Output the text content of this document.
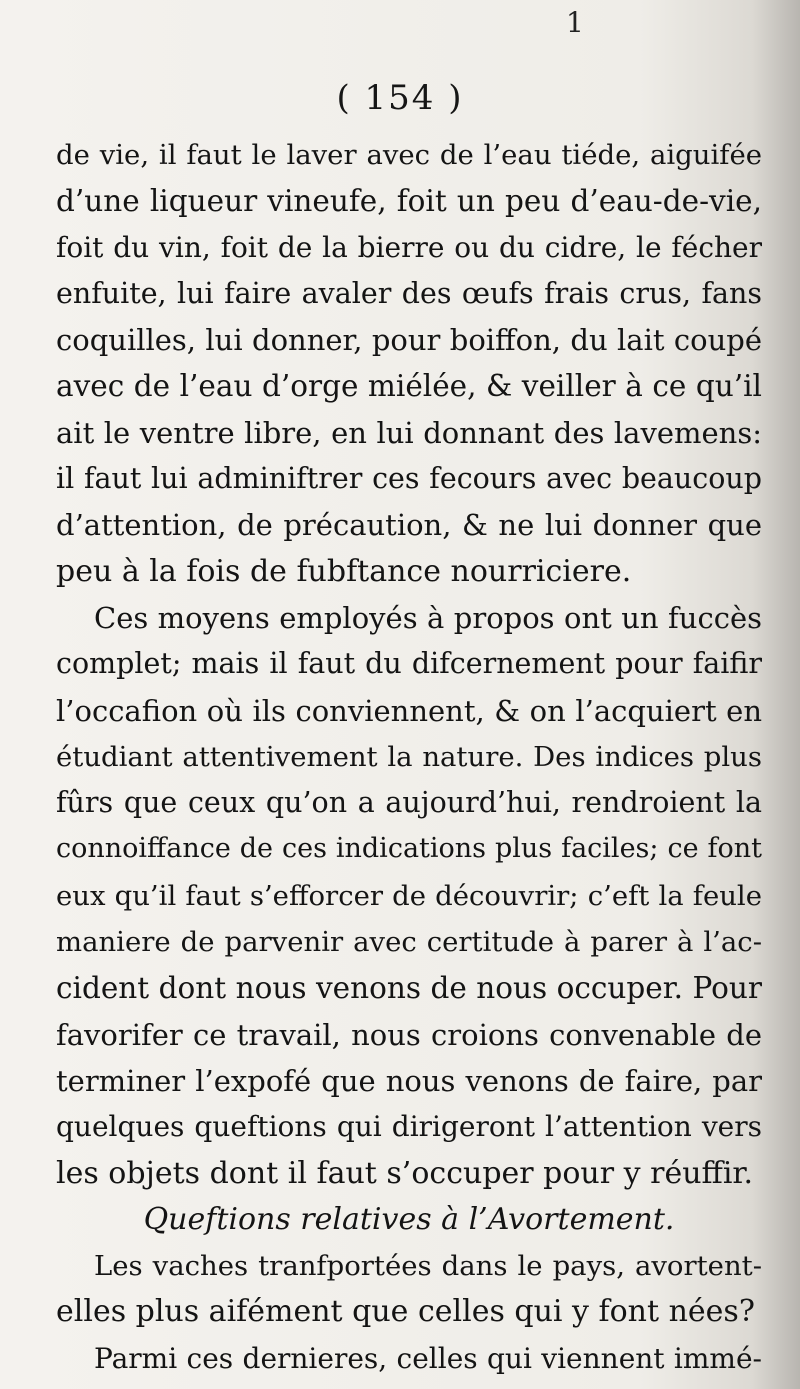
1
( 154 )
de vie, il faut le laver avec de l’eau tiéde, aiguifée
d’une liqueur vineufe, foit un peu d’eau-de-vie,
foit du vin, foit de la bierre ou du cidre, le fécher
enfuite, lui faire avaler des œufs frais crus, fans
coquilles, lui donner, pour boiffon, du lait coupé
avec de l’eau d’orge miélée, & veiller à ce qu’il
ait le ventre libre, en lui donnant des lavemens:
il faut lui adminiftrer ces fecours avec beaucoup
d’attention, de précaution, & ne lui donner que
peu à la fois de fubftance nourriciere.
Ces moyens employés à propos ont un fuccès
complet; mais il faut du difcernement pour faifir
l’occafion où ils conviennent, & on l’acquiert en
étudiant attentivement la nature. Des indices plus
fûrs que ceux qu’on a aujourd’hui, rendroient la
connoiffance de ces indications plus faciles; ce font
eux qu’il faut s’efforcer de découvrir; c’eft la feule
maniere de parvenir avec certitude à parer à l’ac-
cident dont nous venons de nous occuper. Pour
favorifer ce travail, nous croions convenable de
terminer l’expofé que nous venons de faire, par
quelques queftions qui dirigeront l’attention vers
les objets dont il faut s’occuper pour y réuffir.
Queftions relatives à l’Avortement.
Les vaches tranfportées dans le pays, avortent-
elles plus aifément que celles qui y font nées?
Parmi ces dernieres, celles qui viennent immé-
